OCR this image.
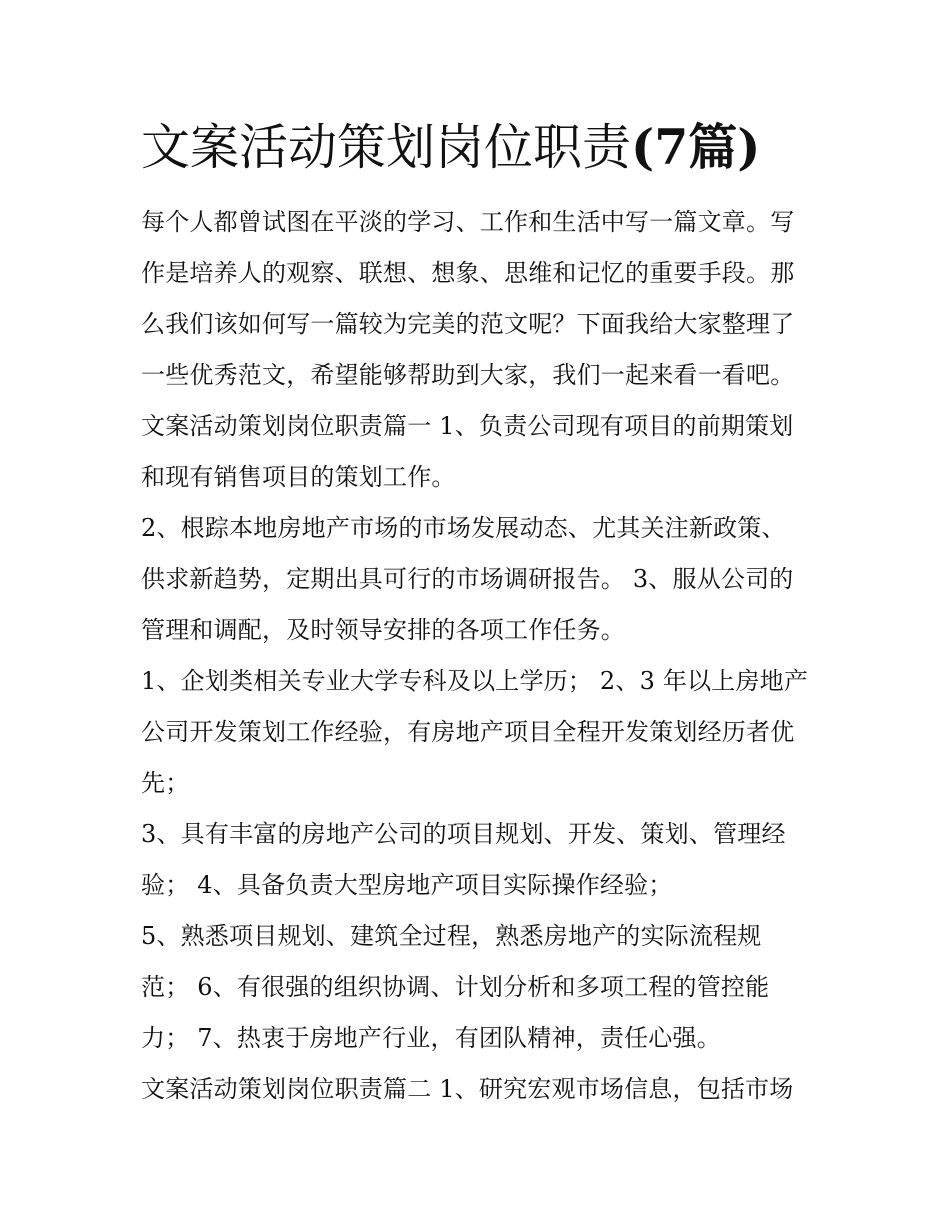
文案活动策划岗位职责(7篇)

每个人都曾试图在平淡的学习、工作和生活中写一篇文章。写

作是培养人的观察、联想、想象、思维和记忆的重要手段。那

么我们该如何写一篇较为完美的范文呢？下面我给大家整理了

一些优秀范文，希望能够帮助到大家，我们一起来看一看吧。

文案活动策划岗位职责篇一 1、负责公司现有项目的前期策划

和现有销售项目的策划工作。

2、根踪本地房地产市场的市场发展动态、尤其关注新政策、

供求新趋势，定期出具可行的市场调研报告。 3、服从公司的

管理和调配，及时领导安排的各项工作任务。

1、企划类相关专业大学专科及以上学历； 2、3 年以上房地产

公司开发策划工作经验，有房地产项目全程开发策划经历者优

先；

3、具有丰富的房地产公司的项目规划、开发、策划、管理经

验； 4、具备负责大型房地产项目实际操作经验；

5、熟悉项目规划、建筑全过程，熟悉房地产的实际流程规

范； 6、有很强的组织协调、计划分析和多项工程的管控能

力； 7、热衷于房地产行业，有团队精神，责任心强。

文案活动策划岗位职责篇二 1、研究宏观市场信息，包括市场
